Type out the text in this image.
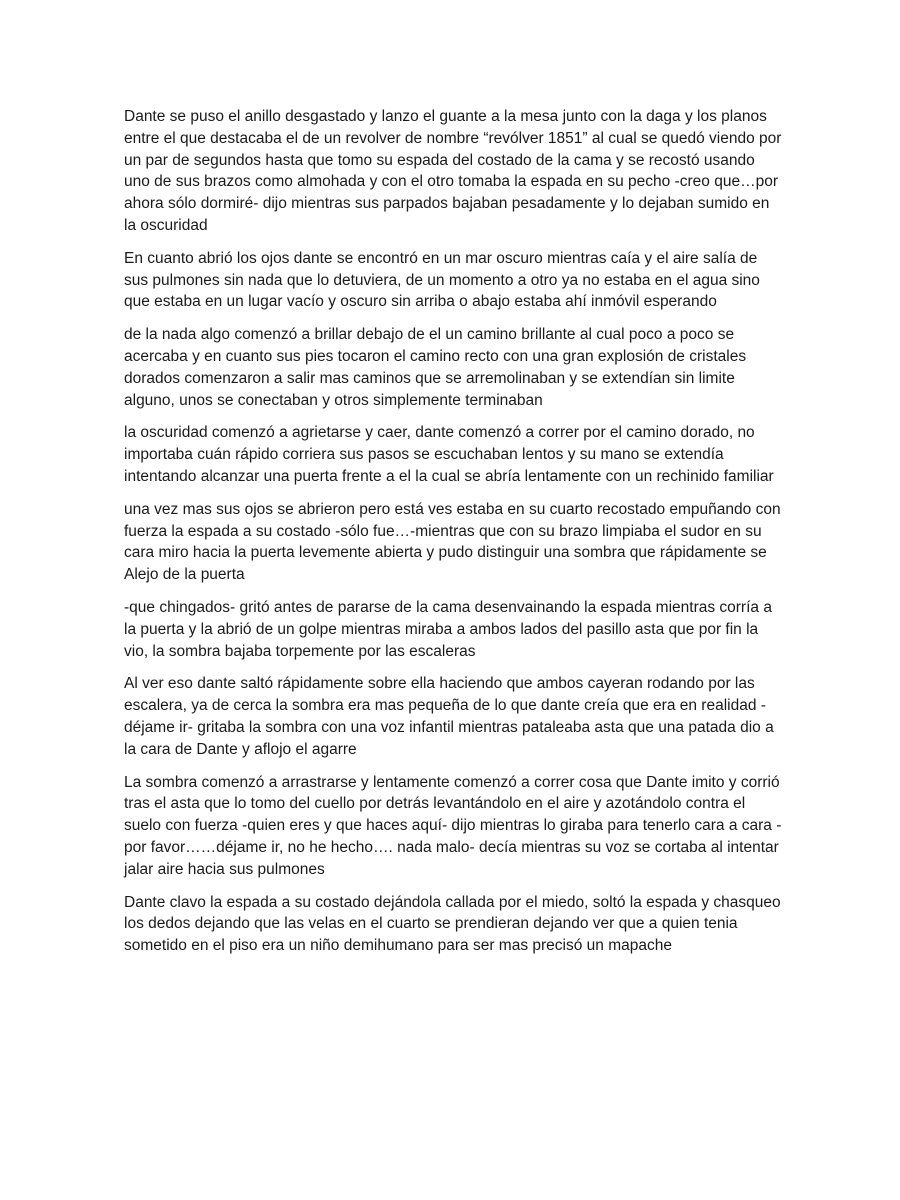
Dante se puso el anillo desgastado y lanzo el guante a la mesa junto con la daga y los planos entre el que destacaba el de un revolver de nombre “revólver 1851” al cual se quedó viendo por un par de segundos hasta que tomo su espada del costado de la cama y se recostó usando uno de sus brazos como almohada y con el otro tomaba la espada en su pecho -creo que…por ahora sólo dormiré- dijo mientras sus parpados bajaban pesadamente y lo dejaban sumido en la oscuridad

En cuanto abrió los ojos dante se encontró en un mar oscuro mientras caía y el aire salía de sus pulmones sin nada que lo detuviera, de un momento a otro ya no estaba en el agua sino que estaba en un lugar vacío y oscuro sin arriba o abajo estaba ahí inmóvil esperando

de la nada algo comenzó a brillar debajo de el un camino brillante al cual poco a poco se acercaba y en cuanto sus pies tocaron el camino recto con una gran explosión de cristales dorados comenzaron a salir mas caminos que se arremolinaban y se extendían sin limite alguno, unos se conectaban y otros simplemente terminaban

la oscuridad comenzó a agrietarse y caer, dante comenzó a correr por el camino dorado, no importaba cuán rápido corriera sus pasos se escuchaban lentos y su mano se extendía intentando alcanzar una puerta frente a el la cual se abría lentamente con un rechinido familiar

una vez mas sus ojos se abrieron pero está ves estaba en su cuarto recostado empuñando con fuerza la espada a su costado -sólo fue…-mientras que con su brazo limpiaba el sudor en su cara miro hacia la puerta levemente abierta y pudo distinguir una sombra que rápidamente se Alejo de la puerta

-que chingados- gritó antes de pararse de la cama desenvainando la espada mientras corría a la puerta y la abrió de un golpe mientras miraba a ambos lados del pasillo asta que por fin la vio, la sombra bajaba torpemente por las escaleras

Al ver eso dante saltó rápidamente sobre ella haciendo que ambos cayeran rodando por las escalera, ya de cerca la sombra era mas pequeña de lo que dante creía que era en realidad -déjame ir- gritaba la sombra con una voz infantil mientras pataleaba asta que una patada dio a la cara de Dante y aflojo el agarre

La sombra comenzó a arrastrarse y lentamente comenzó a correr cosa que Dante imito y corrió tras el asta que lo tomo del cuello por detrás levantándolo en el aire y azotándolo contra el suelo con fuerza -quien eres y que haces aquí- dijo mientras lo giraba para tenerlo cara a cara -por favor……déjame ir, no he hecho…. nada malo- decía mientras su voz se cortaba al intentar jalar aire hacia sus pulmones

Dante clavo la espada a su costado dejándola callada por el miedo, soltó la espada y chasqueo los dedos dejando que las velas en el cuarto se prendieran dejando ver que a quien tenia sometido en el piso era un niño demihumano para ser mas precisó un mapache
